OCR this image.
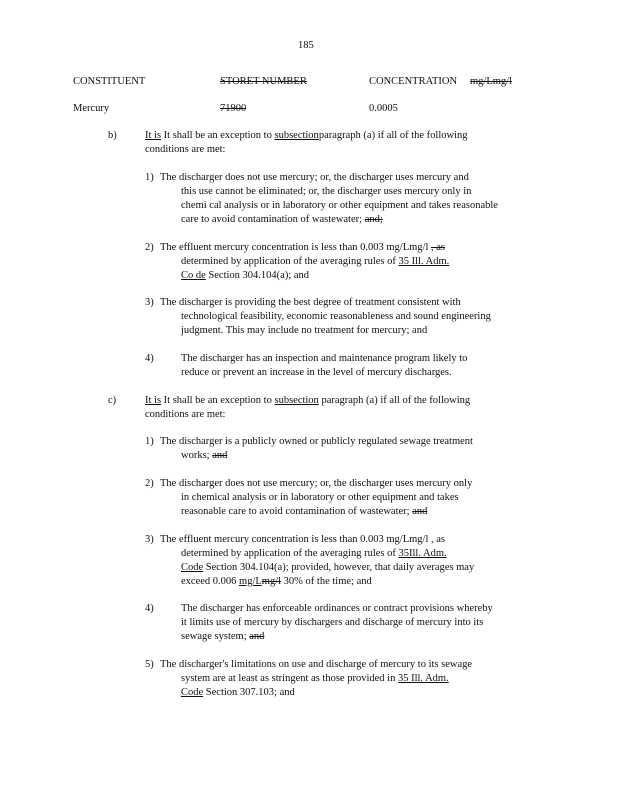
185
CONSTITUENT	STORET NUMBER	CONCENTRATION mg/Lmg/l
Mercury	71900	0.0005
b)	It is It shall be an exception to subsectionparagraph (a) if all of the following
conditions are met:
1) The discharger does not use mercury; or, the discharger uses mercury and
this use cannot be eliminated; or, the discharger uses mercury only in
chemi cal analysis or in laboratory or other equipment and takes reasonable
care to avoid contamination of wastewater; and;
2) The effluent mercury concentration is less than 0.003 mg/Lmg/l , as
determined by application of the averaging rules of 35 Ill. Adm.
Co de Section 304.104(a); and
3) The discharger is providing the best degree of treatment consistent with
technological feasibility, economic reasonableness and sound engineering
judgment. This may include no treatment for mercury; and
4)	The discharger has an inspection and maintenance program likely to
reduce or prevent an increase in the level of mercury discharges.
c)	It is It shall be an exception to subsection paragraph (a) if all of the following
conditions are met:
1) The discharger is a publicly owned or publicly regulated sewage treatment
works; and
2) The discharger does not use mercury; or, the discharger uses mercury only
in chemical analysis or in laboratory or other equipment and takes
reasonable care to avoid contamination of wastewater; and
3) The effluent mercury concentration is less than 0.003 mg/Lmg/l , as
determined by application of the averaging rules of 35Ill. Adm.
Code Section 304.104(a); provided, however, that daily averages may
exceed 0.006 mg/Lmg/l 30% of the time; and
4)	The discharger has enforceable ordinances or contract provisions whereby
it limits use of mercury by dischargers and discharge of mercury into its
sewage system; and
5) The discharger's limitations on use and discharge of mercury to its sewage
system are at least as stringent as those provided in 35 Ill. Adm.
Code Section 307.103; and
